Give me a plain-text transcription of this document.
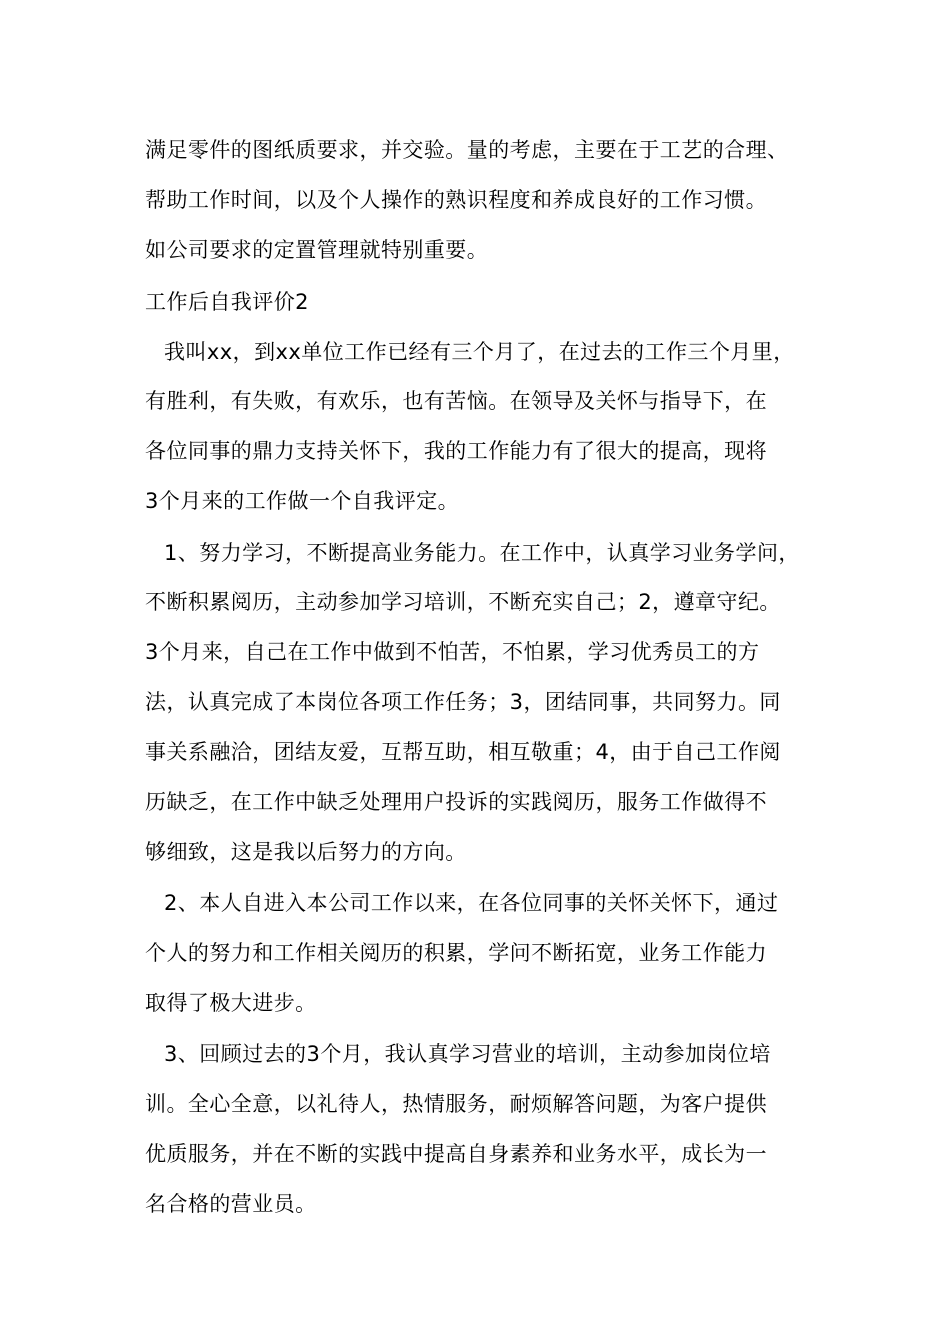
满足零件的图纸质要求，并交验。量的考虑，主要在于工艺的合理、
帮助工作时间，以及个人操作的熟识程度和养成良好的工作习惯。
如公司要求的定置管理就特别重要。
工作后自我评价2
我叫xx，到xx单位工作已经有三个月了，在过去的工作三个月里，
有胜利，有失败，有欢乐，也有苦恼。在领导及关怀与指导下，在
各位同事的鼎力支持关怀下，我的工作能力有了很大的提高，现将
3个月来的工作做一个自我评定。
1、努力学习，不断提高业务能力。在工作中，认真学习业务学问，
不断积累阅历，主动参加学习培训，不断充实自己；2，遵章守纪。
3个月来，自己在工作中做到不怕苦，不怕累，学习优秀员工的方
法，认真完成了本岗位各项工作任务；3，团结同事，共同努力。同
事关系融洽，团结友爱，互帮互助，相互敬重；4，由于自己工作阅
历缺乏，在工作中缺乏处理用户投诉的实践阅历，服务工作做得不
够细致，这是我以后努力的方向。
2、本人自进入本公司工作以来，在各位同事的关怀关怀下，通过
个人的努力和工作相关阅历的积累，学问不断拓宽，业务工作能力
取得了极大进步。
3、回顾过去的3个月，我认真学习营业的培训，主动参加岗位培
训。全心全意，以礼待人，热情服务，耐烦解答问题，为客户提供
优质服务，并在不断的实践中提高自身素养和业务水平，成长为一
名合格的营业员。
